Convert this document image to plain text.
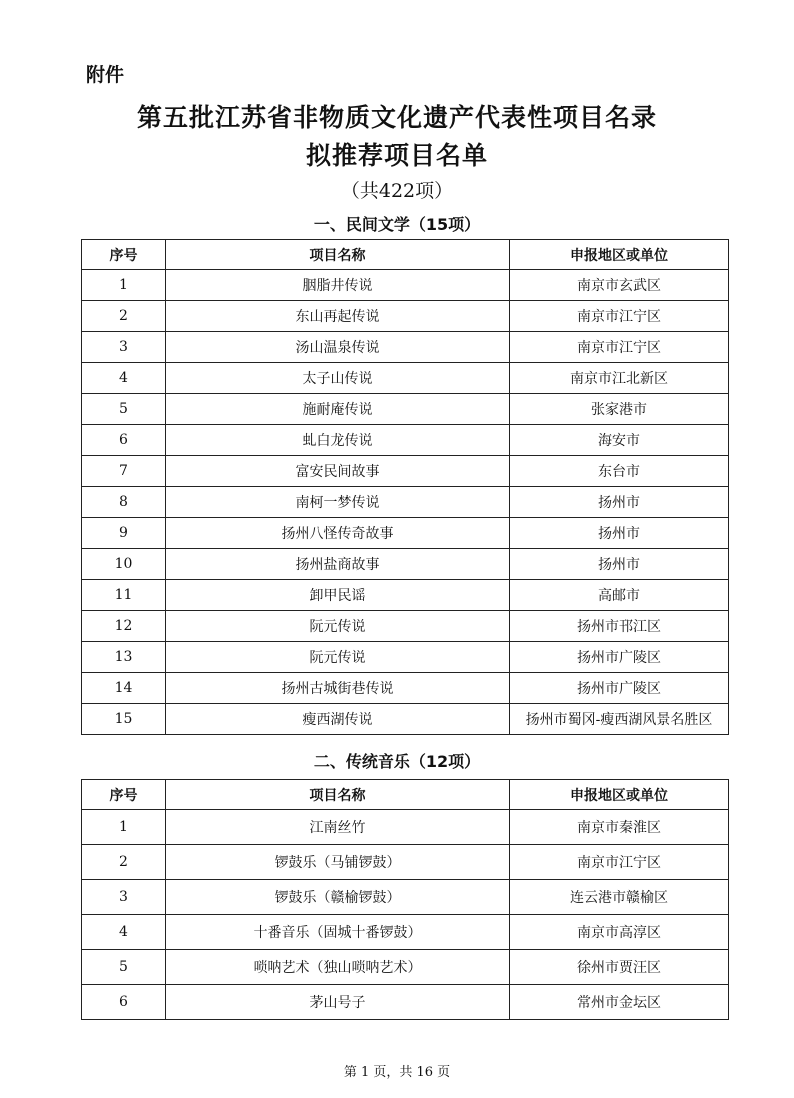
附件
第五批江苏省非物质文化遗产代表性项目名录
拟推荐项目名单
（共422项）
一、民间文学（15项）
序号	项目名称	申报地区或单位
1	胭脂井传说	南京市玄武区
2	东山再起传说	南京市江宁区
3	汤山温泉传说	南京市江宁区
4	太子山传说	南京市江北新区
5	施耐庵传说	张家港市
6	虬白龙传说	海安市
7	富安民间故事	东台市
8	南柯一梦传说	扬州市
9	扬州八怪传奇故事	扬州市
10	扬州盐商故事	扬州市
11	卸甲民谣	高邮市
12	阮元传说	扬州市邗江区
13	阮元传说	扬州市广陵区
14	扬州古城街巷传说	扬州市广陵区
15	瘦西湖传说	扬州市蜀冈-瘦西湖风景名胜区
二、传统音乐（12项）
序号	项目名称	申报地区或单位
1	江南丝竹	南京市秦淮区
2	锣鼓乐（马铺锣鼓）	南京市江宁区
3	锣鼓乐（赣榆锣鼓）	连云港市赣榆区
4	十番音乐（固城十番锣鼓）	南京市高淳区
5	唢呐艺术（独山唢呐艺术）	徐州市贾汪区
6	茅山号子	常州市金坛区
第 1 页，共 16 页
